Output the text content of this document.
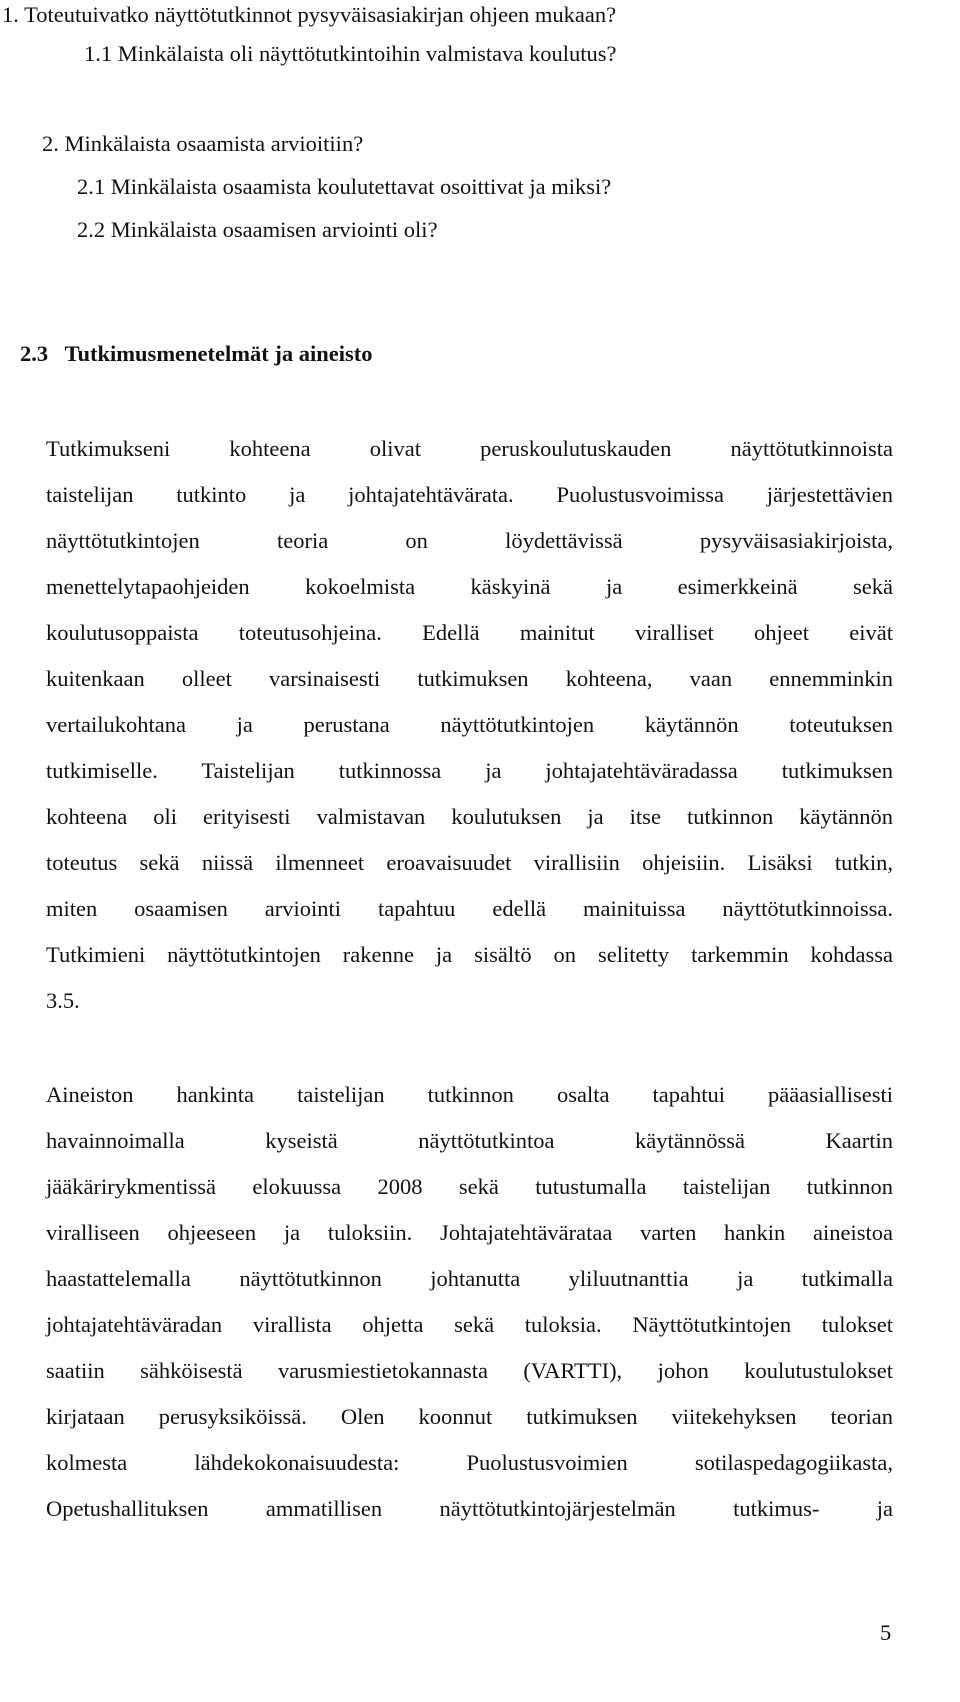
1. Toteutuivatko näyttötutkinnot pysyväisasiakirjan ohjeen mukaan?
1.1 Minkälaista oli näyttötutkintoihin valmistava koulutus?
2. Minkälaista osaamista arvioitiin?
2.1 Minkälaista osaamista koulutettavat osoittivat ja miksi?
2.2 Minkälaista osaamisen arviointi oli?
2.3   Tutkimusmenetelmät ja aineisto
Tutkimukseni kohteena olivat peruskoulutuskauden näyttötutkinnoista
taistelijan tutkinto ja johtajatehtävärata. Puolustusvoimissa järjestettävien
näyttötutkintojen teoria on löydettävissä pysyväisasiakirjoista,
menettelytapaohjeiden kokoelmista käskyinä ja esimerkkeinä sekä
koulutusoppaista toteutusohjeina. Edellä mainitut viralliset ohjeet eivät
kuitenkaan olleet varsinaisesti tutkimuksen kohteena, vaan ennemminkin
vertailukohtana ja perustana näyttötutkintojen käytännön toteutuksen
tutkimiselle. Taistelijan tutkinnossa ja johtajatehtäväradassa tutkimuksen
kohteena oli erityisesti valmistavan koulutuksen ja itse tutkinnon käytännön
toteutus sekä niissä ilmenneet eroavaisuudet virallisiin ohjeisiin. Lisäksi tutkin,
miten osaamisen arviointi tapahtuu edellä mainituissa näyttötutkinnoissa.
Tutkimieni näyttötutkintojen rakenne ja sisältö on selitetty tarkemmin kohdassa
3.5.
Aineiston hankinta taistelijan tutkinnon osalta tapahtui pääasiallisesti
havainnoimalla kyseistä näyttötutkintoa käytännössä Kaartin
jääkärirykmentissä elokuussa 2008 sekä tutustumalla taistelijan tutkinnon
viralliseen ohjeeseen ja tuloksiin. Johtajatehtävärataa varten hankin aineistoa
haastattelemalla näyttötutkinnon johtanutta yliluutnanttia ja tutkimalla
johtajatehtäväradan virallista ohjetta sekä tuloksia. Näyttötutkintojen tulokset
saatiin sähköisestä varusmiestietokannasta (VARTTI), johon koulutustulokset
kirjataan perusyksiköissä. Olen koonnut tutkimuksen viitekehyksen teorian
kolmesta lähdekokonaisuudesta: Puolustusvoimien sotilaspedagogiikasta,
Opetushallituksen ammatillisen näyttötutkintojärjestelmän tutkimus- ja
5
